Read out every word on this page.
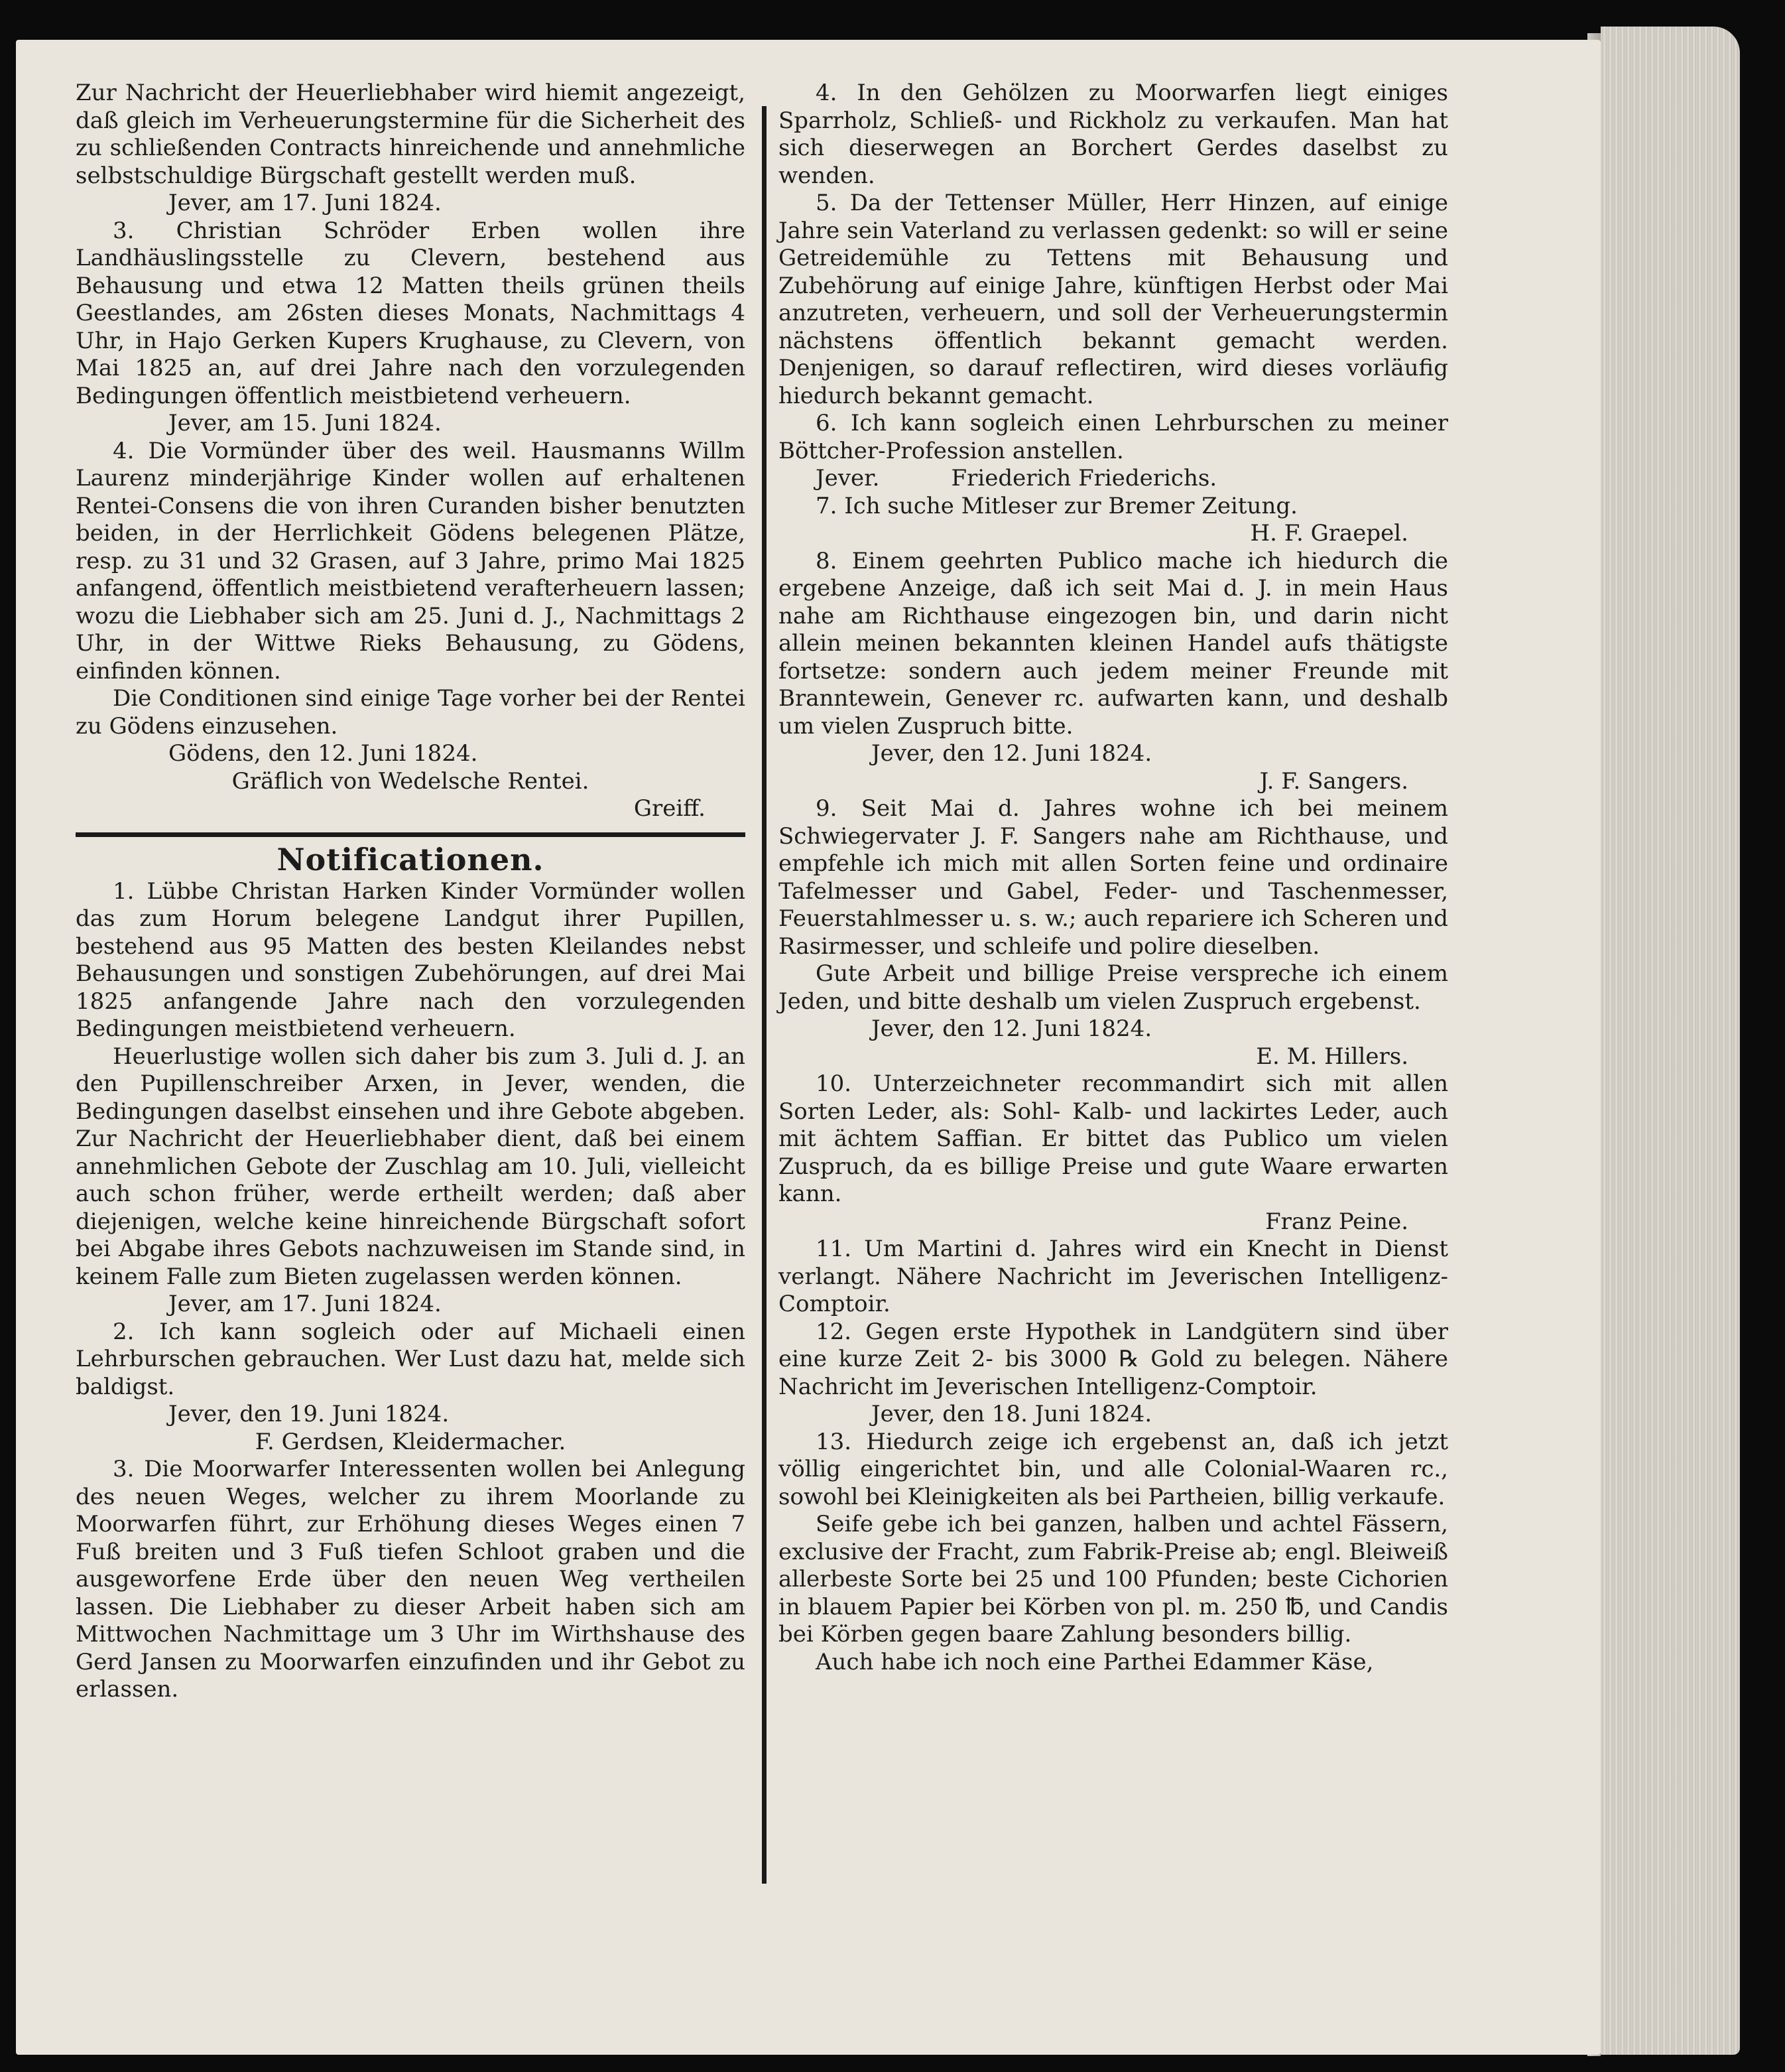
Zur Nachricht der Heuerliebhaber wird hiemit angezeigt, daß gleich im Verheuerungstermine für die Sicherheit des zu schließenden Contracts hinreichende und annehmliche selbstschuldige Bürgschaft gestellt werden muß.

Jever, am 17. Juni 1824.

3. Christian Schröder Erben wollen ihre Landhäuslingsstelle zu Clevern, bestehend aus Behausung und etwa 12 Matten theils grünen theils Geestlandes, am 26sten dieses Monats, Nachmittags 4 Uhr, in Hajo Gerken Kupers Krughause, zu Clevern, von Mai 1825 an, auf drei Jahre nach den vorzulegenden Bedingungen öffentlich meistbietend verheuern.

Jever, am 15. Juni 1824.

4. Die Vormünder über des weil. Hausmanns Willm Laurenz minderjährige Kinder wollen auf erhaltenen Rentei-Consens die von ihren Curanden bisher benutzten beiden, in der Herrlichkeit Gödens belegenen Plätze, resp. zu 31 und 32 Grasen, auf 3 Jahre, primo Mai 1825 anfangend, öffentlich meistbietend verafterheuern lassen; wozu die Liebhaber sich am 25. Juni d. J., Nachmittags 2 Uhr, in der Wittwe Rieks Behausung, zu Gödens, einfinden können.

Die Conditionen sind einige Tage vorher bei der Rentei zu Gödens einzusehen.

Gödens, den 12. Juni 1824.

Gräflich von Wedelsche Rentei.

Greiff.

Notificationen.

1. Lübbe Christan Harken Kinder Vormünder wollen das zum Horum belegene Landgut ihrer Pupillen, bestehend aus 95 Matten des besten Kleilandes nebst Behausungen und sonstigen Zubehörungen, auf drei Mai 1825 anfangende Jahre nach den vorzulegenden Bedingungen meistbietend verheuern.

Heuerlustige wollen sich daher bis zum 3. Juli d. J. an den Pupillenschreiber Arxen, in Jever, wenden, die Bedingungen daselbst einsehen und ihre Gebote abgeben. Zur Nachricht der Heuerliebhaber dient, daß bei einem annehmlichen Gebote der Zuschlag am 10. Juli, vielleicht auch schon früher, werde ertheilt werden; daß aber diejenigen, welche keine hinreichende Bürgschaft sofort bei Abgabe ihres Gebots nachzuweisen im Stande sind, in keinem Falle zum Bieten zugelassen werden können.

Jever, am 17. Juni 1824.

2. Ich kann sogleich oder auf Michaeli einen Lehrburschen gebrauchen. Wer Lust dazu hat, melde sich baldigst.

Jever, den 19. Juni 1824.

F. Gerdsen, Kleidermacher.

3. Die Moorwarfer Interessenten wollen bei Anlegung des neuen Weges, welcher zu ihrem Moorlande zu Moorwarfen führt, zur Erhöhung dieses Weges einen 7 Fuß breiten und 3 Fuß tiefen Schloot graben und die ausgeworfene Erde über den neuen Weg vertheilen lassen. Die Liebhaber zu dieser Arbeit haben sich am Mittwochen Nachmittage um 3 Uhr im Wirthshause des Gerd Jansen zu Moorwarfen einzufinden und ihr Gebot zu erlassen.

4. In den Gehölzen zu Moorwarfen liegt einiges Sparrholz, Schließ- und Rickholz zu verkaufen. Man hat sich dieserwegen an Borchert Gerdes daselbst zu wenden.

5. Da der Tettenser Müller, Herr Hinzen, auf einige Jahre sein Vaterland zu verlassen gedenkt: so will er seine Getreidemühle zu Tettens mit Behausung und Zubehörung auf einige Jahre, künftigen Herbst oder Mai anzutreten, verheuern, und soll der Verheuerungstermin nächstens öffentlich bekannt gemacht werden. Denjenigen, so darauf reflectiren, wird dieses vorläufig hiedurch bekannt gemacht.

6. Ich kann sogleich einen Lehrburschen zu meiner Böttcher-Profession anstellen.

Jever.          Friederich Friederichs.

7. Ich suche Mitleser zur Bremer Zeitung.

H. F. Graepel.

8. Einem geehrten Publico mache ich hiedurch die ergebene Anzeige, daß ich seit Mai d. J. in mein Haus nahe am Richthause eingezogen bin, und darin nicht allein meinen bekannten kleinen Handel aufs thätigste fortsetze: sondern auch jedem meiner Freunde mit Branntewein, Genever rc. aufwarten kann, und deshalb um vielen Zuspruch bitte.

Jever, den 12. Juni 1824.

J. F. Sangers.

9. Seit Mai d. Jahres wohne ich bei meinem Schwiegervater J. F. Sangers nahe am Richthause, und empfehle ich mich mit allen Sorten feine und ordinaire Tafelmesser und Gabel, Feder- und Taschenmesser, Feuerstahlmesser u. s. w.; auch repariere ich Scheren und Rasirmesser, und schleife und polire dieselben.

Gute Arbeit und billige Preise verspreche ich einem Jeden, und bitte deshalb um vielen Zuspruch ergebenst.

Jever, den 12. Juni 1824.

E. M. Hillers.

10. Unterzeichneter recommandirt sich mit allen Sorten Leder, als: Sohl- Kalb- und lackirtes Leder, auch mit ächtem Saffian. Er bittet das Publico um vielen Zuspruch, da es billige Preise und gute Waare erwarten kann.

Franz Peine.

11. Um Martini d. Jahres wird ein Knecht in Dienst verlangt. Nähere Nachricht im Jeverischen Intelligenz-Comptoir.

12. Gegen erste Hypothek in Landgütern sind über eine kurze Zeit 2- bis 3000 ℞ Gold zu belegen. Nähere Nachricht im Jeverischen Intelligenz-Comptoir.

Jever, den 18. Juni 1824.

13. Hiedurch zeige ich ergebenst an, daß ich jetzt völlig eingerichtet bin, und alle Colonial-Waaren rc., sowohl bei Kleinigkeiten als bei Partheien, billig verkaufe.

Seife gebe ich bei ganzen, halben und achtel Fässern, exclusive der Fracht, zum Fabrik-Preise ab; engl. Bleiweiß allerbeste Sorte bei 25 und 100 Pfunden; beste Cichorien in blauem Papier bei Körben von pl. m. 250 ℔, und Candis bei Körben gegen baare Zahlung besonders billig.

Auch habe ich noch eine Parthei Edammer Käse,
